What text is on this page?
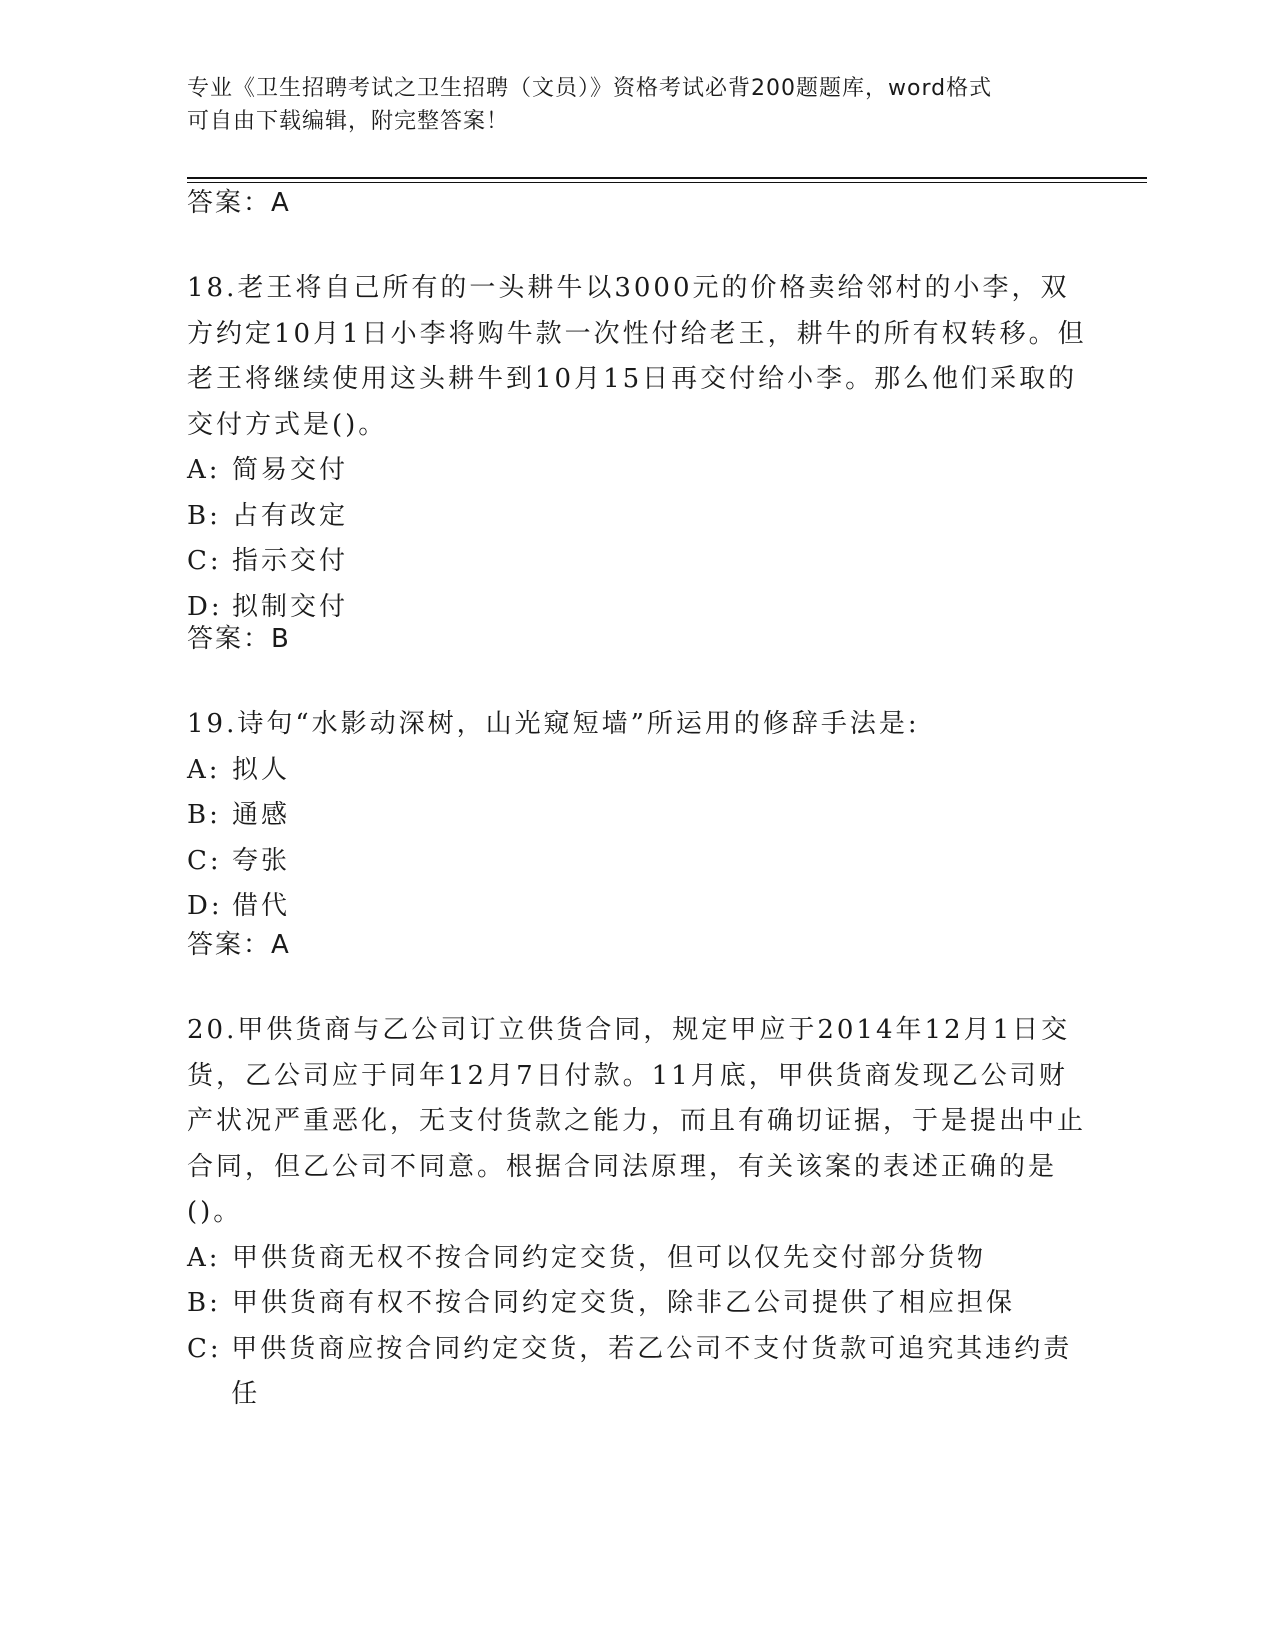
专业《卫生招聘考试之卫生招聘（文员）》资格考试必背200题题库，word格式
可自由下载编辑，附完整答案！
答案：A

18.老王将自己所有的一头耕牛以3000元的价格卖给邻村的小李，双方约定10月1日小李将购牛款一次性付给老王，耕牛的所有权转移。但老王将继续使用这头耕牛到10月15日再交付给小李。那么他们采取的交付方式是()。

A: 简易交付
B: 占有改定
C: 指示交付
D: 拟制交付
答案：B

19.诗句“水影动深树，山光窥短墙”所运用的修辞手法是:

A: 拟人
B: 通感
C: 夸张
D: 借代
答案：A

20.甲供货商与乙公司订立供货合同，规定甲应于2014年12月1日交货，乙公司应于同年12月7日付款。11月底，甲供货商发现乙公司财产状况严重恶化，无支付货款之能力，而且有确切证据，于是提出中止合同，但乙公司不同意。根据合同法原理，有关该案的表述正确的是()。

A: 甲供货商无权不按合同约定交货，但可以仅先交付部分货物
B: 甲供货商有权不按合同约定交货，除非乙公司提供了相应担保
C: 甲供货商应按合同约定交货，若乙公司不支付货款可追究其违约责任
